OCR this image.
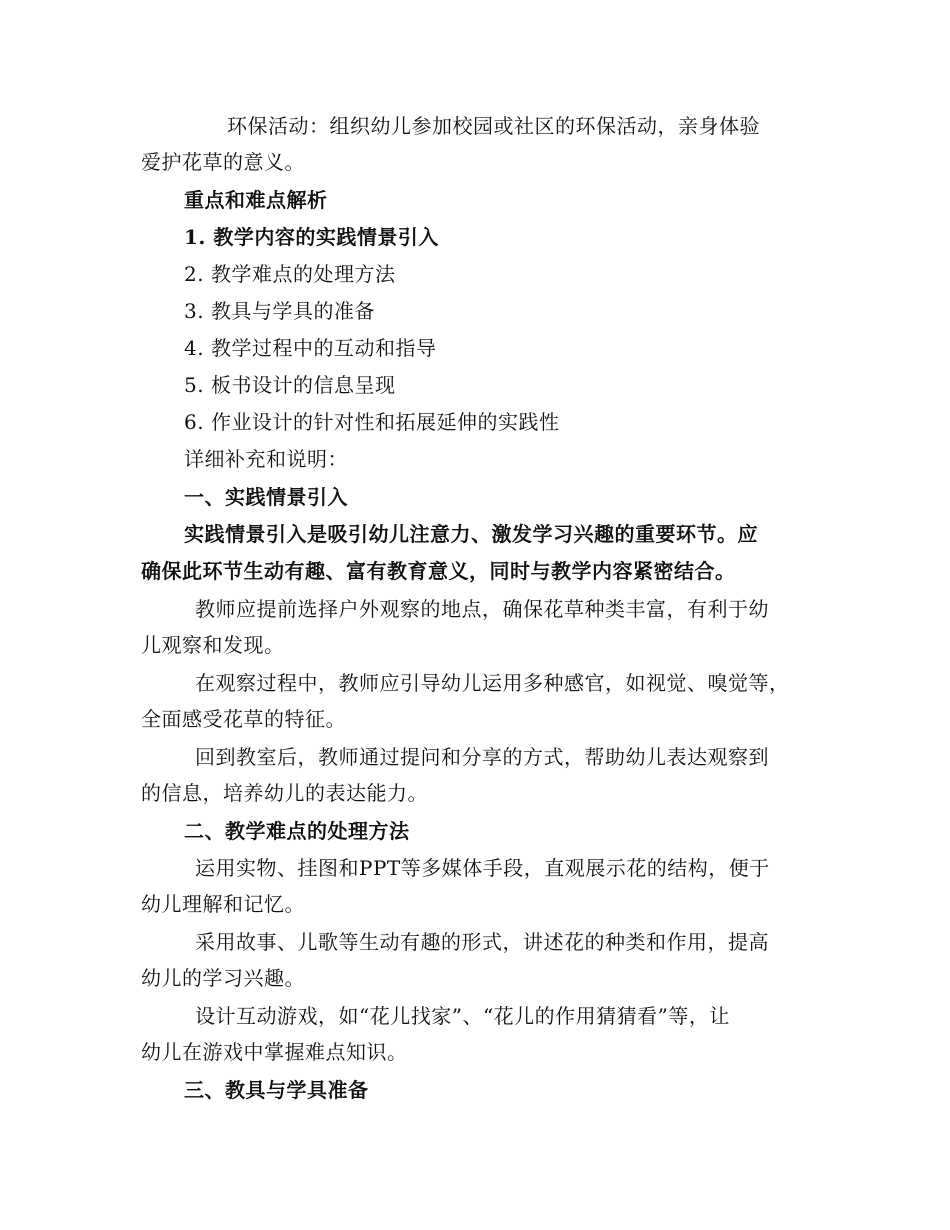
环保活动：组织幼儿参加校园或社区的环保活动，亲身体验
爱护花草的意义。
重点和难点解析
1. 教学内容的实践情景引入
2. 教学难点的处理方法
3. 教具与学具的准备
4. 教学过程中的互动和指导
5. 板书设计的信息呈现
6. 作业设计的针对性和拓展延伸的实践性
详细补充和说明：
一、实践情景引入
实践情景引入是吸引幼儿注意力、激发学习兴趣的重要环节。应
确保此环节生动有趣、富有教育意义，同时与教学内容紧密结合。
教师应提前选择户外观察的地点，确保花草种类丰富，有利于幼
儿观察和发现。
在观察过程中，教师应引导幼儿运用多种感官，如视觉、嗅觉等，
全面感受花草的特征。
回到教室后，教师通过提问和分享的方式，帮助幼儿表达观察到
的信息，培养幼儿的表达能力。
二、教学难点的处理方法
运用实物、挂图和PPT等多媒体手段，直观展示花的结构，便于
幼儿理解和记忆。
采用故事、儿歌等生动有趣的形式，讲述花的种类和作用，提高
幼儿的学习兴趣。
设计互动游戏，如“花儿找家”、“花儿的作用猜猜看”等，让
幼儿在游戏中掌握难点知识。
三、教具与学具准备
